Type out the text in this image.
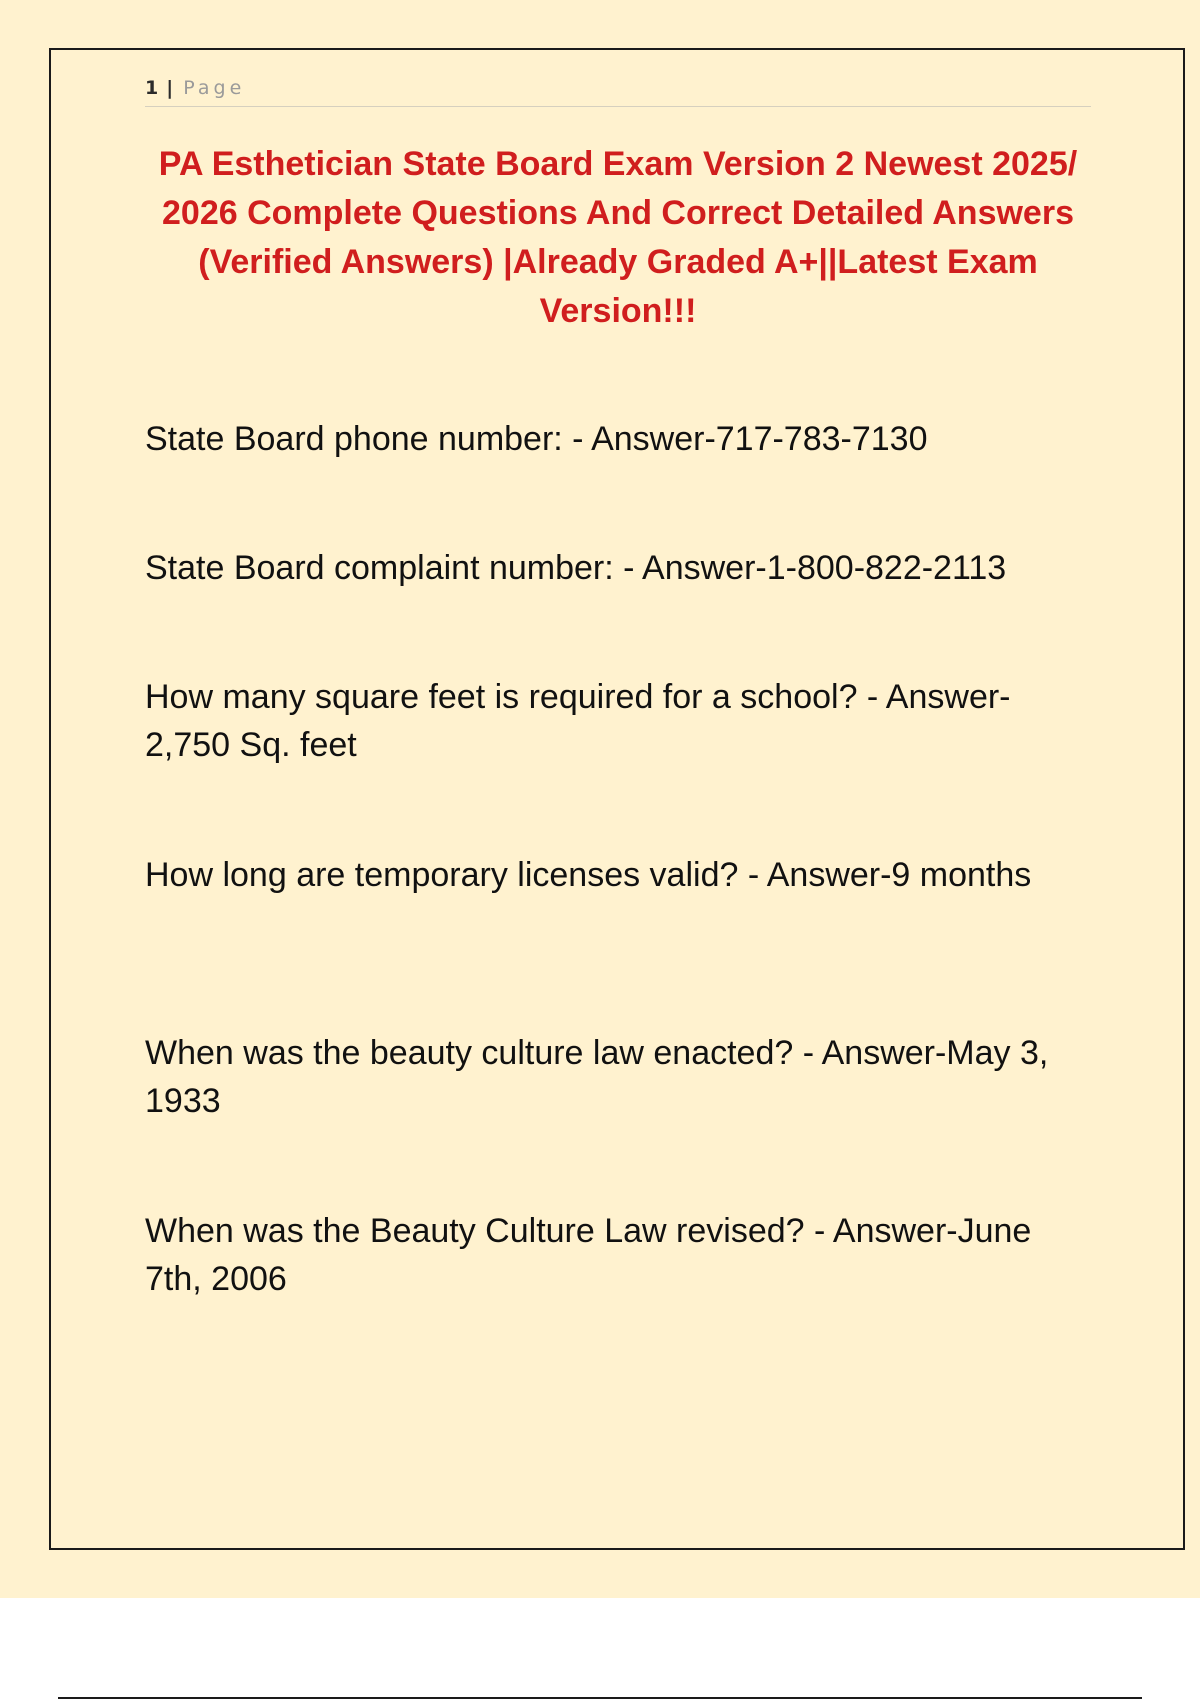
1 | Page
PA Esthetician State Board Exam Version 2 Newest 2025/ 2026 Complete Questions And Correct Detailed Answers (Verified Answers) |Already Graded A+||Latest Exam Version!!!
State Board phone number: - Answer-717-783-7130
State Board complaint number: - Answer-1-800-822-2113
How many square feet is required for a school? - Answer-2,750 Sq. feet
How long are temporary licenses valid? - Answer-9 months
When was the beauty culture law enacted? - Answer-May 3, 1933
When was the Beauty Culture Law revised? - Answer-June 7th, 2006
